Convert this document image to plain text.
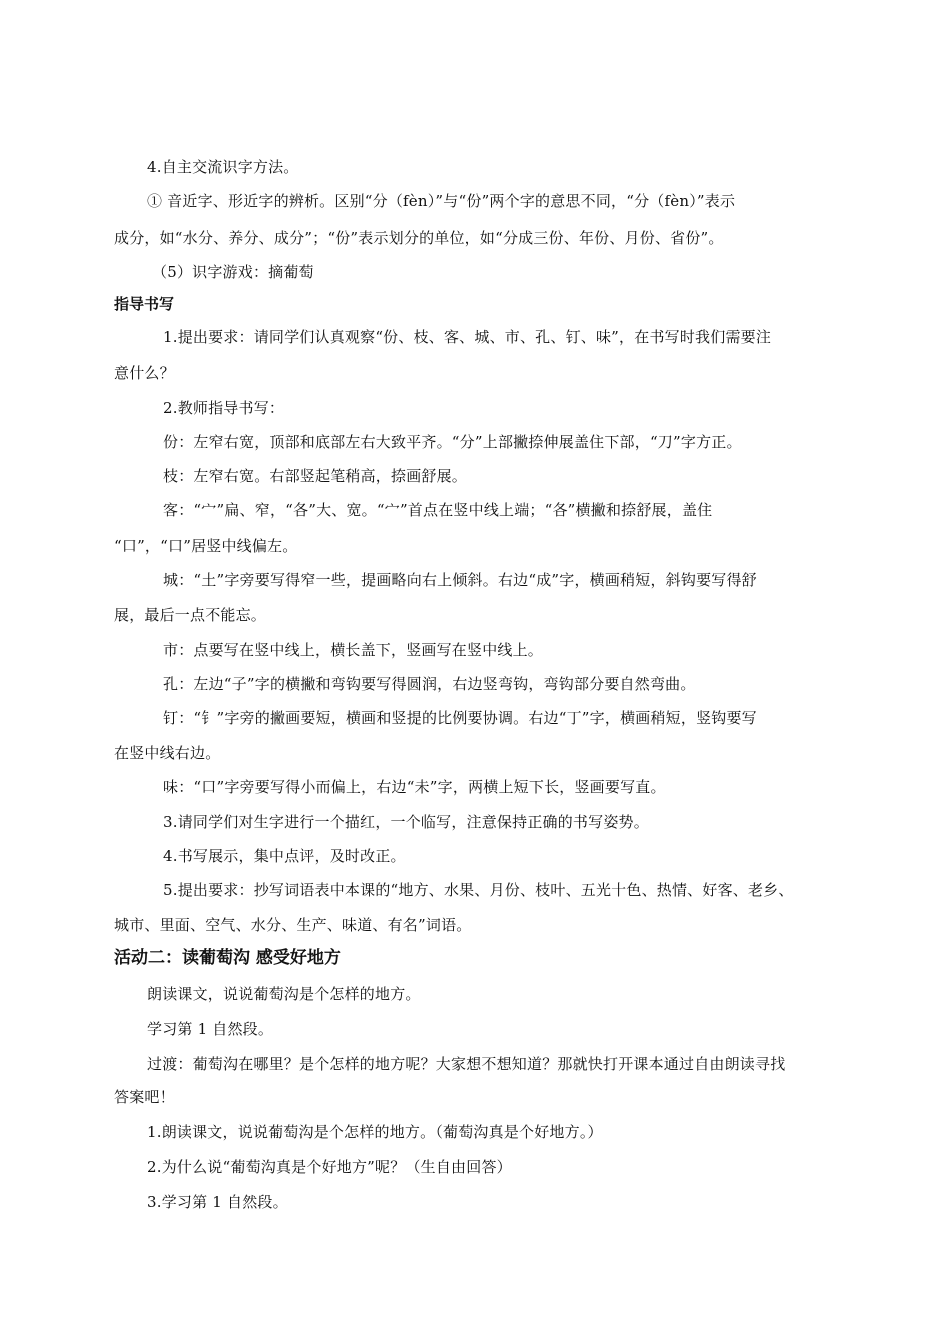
4.自主交流识字方法。
① 音近字、形近字的辨析。区别“分（fèn）”与“份”两个字的意思不同，“分（fèn）”表示
成分，如“水分、养分、成分”；“份”表示划分的单位，如“分成三份、年份、月份、省份”。
（5）识字游戏：摘葡萄
指导书写
1.提出要求：请同学们认真观察“份、枝、客、城、市、孔、钉、味”，在书写时我们需要注
意什么？
2.教师指导书写：
份：左窄右宽，顶部和底部左右大致平齐。“分”上部撇捺伸展盖住下部，“刀”字方正。
枝：左窄右宽。右部竖起笔稍高，捺画舒展。
客：“宀”扁、窄，“各”大、宽。“宀”首点在竖中线上端；“各”横撇和捺舒展，盖住
“口”，“口”居竖中线偏左。
城：“土”字旁要写得窄一些，提画略向右上倾斜。右边“成”字，横画稍短，斜钩要写得舒
展，最后一点不能忘。
市：点要写在竖中线上，横长盖下，竖画写在竖中线上。
孔：左边“子”字的横撇和弯钩要写得圆润，右边竖弯钩，弯钩部分要自然弯曲。
钉：“钅”字旁的撇画要短，横画和竖提的比例要协调。右边“丁”字，横画稍短，竖钩要写
在竖中线右边。
味：“口”字旁要写得小而偏上，右边“未”字，两横上短下长，竖画要写直。
3.请同学们对生字进行一个描红，一个临写，注意保持正确的书写姿势。
4.书写展示，集中点评，及时改正。
5.提出要求：抄写词语表中本课的“地方、水果、月份、枝叶、五光十色、热情、好客、老乡、
城市、里面、空气、水分、生产、味道、有名”词语。
活动二：读葡萄沟 感受好地方
朗读课文，说说葡萄沟是个怎样的地方。
学习第 1 自然段。
过渡：葡萄沟在哪里？是个怎样的地方呢？大家想不想知道？那就快打开课本通过自由朗读寻找
答案吧！
1.朗读课文，说说葡萄沟是个怎样的地方。（葡萄沟真是个好地方。）
2.为什么说“葡萄沟真是个好地方”呢？（生自由回答）
3.学习第 1 自然段。
